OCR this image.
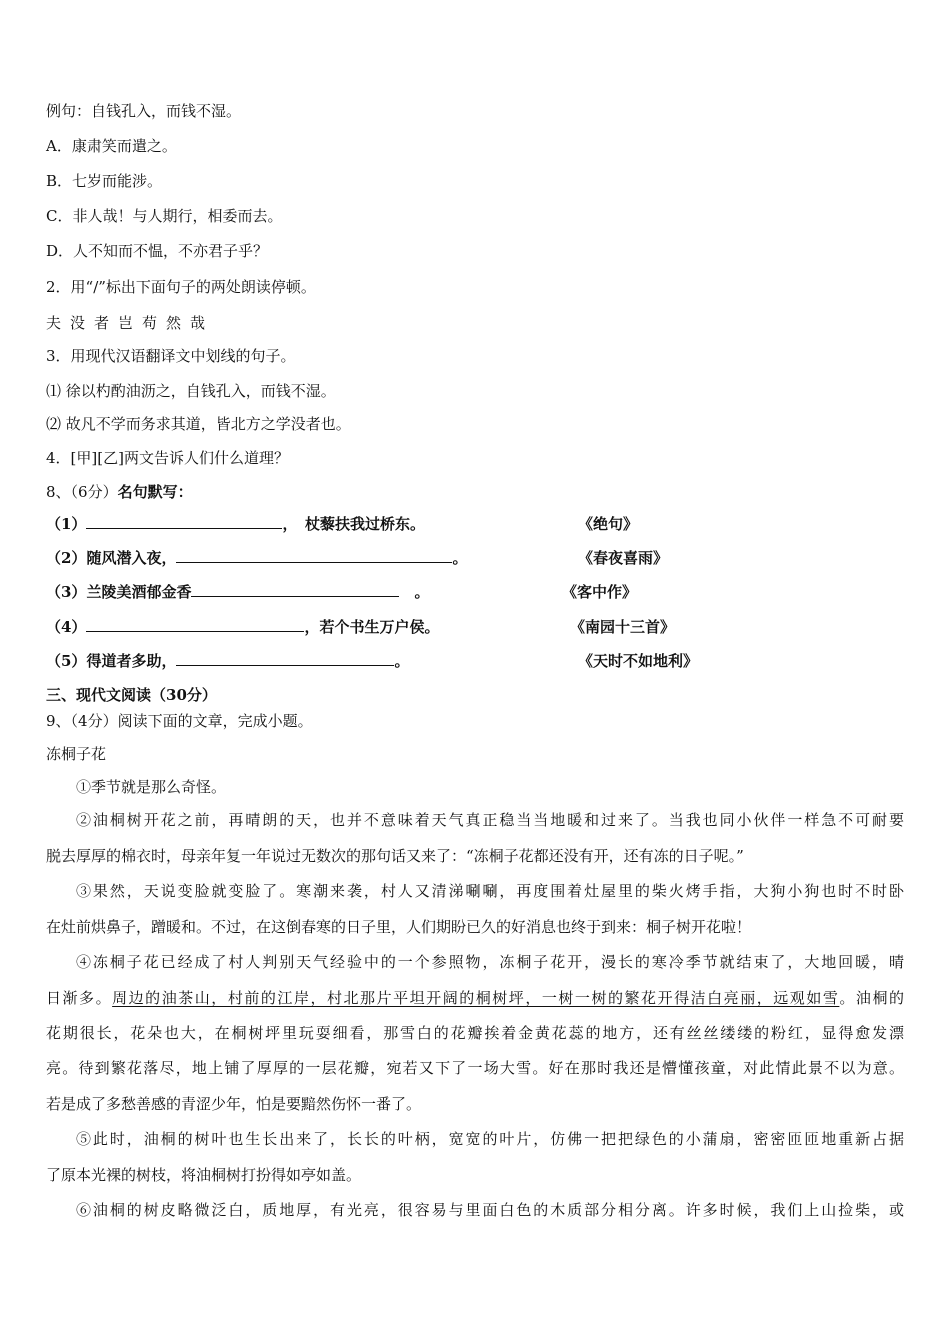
例句：自钱孔入，而钱不湿。
A．康肃笑而遣之。
B．七岁而能涉。
C．非人哉！与人期行，相委而去。
D．人不知而不愠，不亦君子乎？
2．用“/”标出下面句子的两处朗读停顿。
夫没者岂苟然哉
3．用现代汉语翻译文中划线的句子。
⑴ 徐以杓酌油沥之，自钱孔入，而钱不湿。
⑵ 故凡不学而务求其道，皆北方之学没者也。
4．[甲][乙]两文告诉人们什么道理？
8、（6分）名句默写：
（1）	，　杖藜扶我过桥东。	《绝句》
（2）随风潜入夜，	。	《春夜喜雨》
（3）兰陵美酒郁金香	　。	《客中作》
（4）	，若个书生万户侯。	《南园十三首》
（5）得道者多助，	。	《天时不如地利》
三、现代文阅读（30分）
9、（4分）阅读下面的文章，完成小题。
冻桐子花
①季节就是那么奇怪。
②油桐树开花之前，再晴朗的天，也并不意味着天气真正稳当当地暖和过来了。当我也同小伙伴一样急不可耐要
脱去厚厚的棉衣时，母亲年复一年说过无数次的那句话又来了：“冻桐子花都还没有开，还有冻的日子呢。”
③果然，天说变脸就变脸了。寒潮来袭，村人又清涕唰唰，再度围着灶屋里的柴火烤手指，大狗小狗也时不时卧
在灶前烘鼻子，蹭暖和。不过，在这倒春寒的日子里，人们期盼已久的好消息也终于到来：桐子树开花啦！
④冻桐子花已经成了村人判别天气经验中的一个参照物，冻桐子花开，漫长的寒冷季节就结束了，大地回暖，晴
日渐多。周边的油茶山，村前的江岸，村北那片平坦开阔的桐树坪，一树一树的繁花开得洁白亮丽，远观如雪。油桐的
花期很长，花朵也大，在桐树坪里玩耍细看，那雪白的花瓣挨着金黄花蕊的地方，还有丝丝缕缕的粉红，显得愈发漂
亮。待到繁花落尽，地上铺了厚厚的一层花瓣，宛若又下了一场大雪。好在那时我还是懵懂孩童，对此情此景不以为意。
若是成了多愁善感的青涩少年，怕是要黯然伤怀一番了。
⑤此时，油桐的树叶也生长出来了，长长的叶柄，宽宽的叶片，仿佛一把把绿色的小蒲扇，密密匝匝地重新占据
了原本光裸的树枝，将油桐树打扮得如亭如盖。
⑥油桐的树皮略微泛白，质地厚，有光亮，很容易与里面白色的木质部分相分离。许多时候，我们上山捡柴，或
